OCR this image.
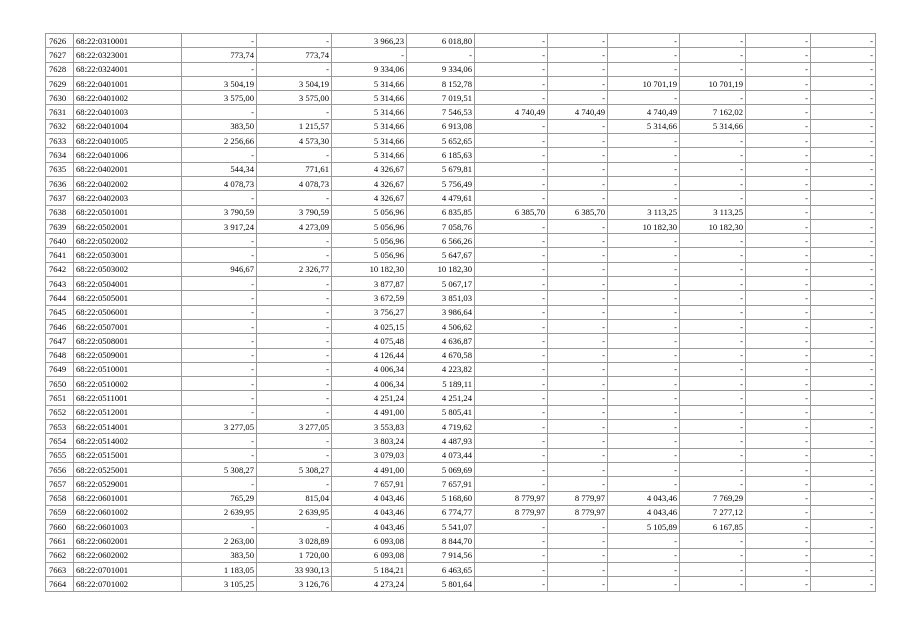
7626	68:22:0310001	-	-	3 966,23	6 018,80	-	-	-	-	-	-
7627	68:22:0323001	773,74	773,74	-	-	-	-	-	-	-	-
7628	68:22:0324001	-	-	9 334,06	9 334,06	-	-	-	-	-	-
7629	68:22:0401001	3 504,19	3 504,19	5 314,66	8 152,78	-	-	10 701,19	10 701,19	-	-
7630	68:22:0401002	3 575,00	3 575,00	5 314,66	7 019,51	-	-	-	-	-	-
7631	68:22:0401003	-	-	5 314,66	7 546,53	4 740,49	4 740,49	4 740,49	7 162,02	-	-
7632	68:22:0401004	383,50	1 215,57	5 314,66	6 913,08	-	-	5 314,66	5 314,66	-	-
7633	68:22:0401005	2 256,66	4 573,30	5 314,66	5 652,65	-	-	-	-	-	-
7634	68:22:0401006	-	-	5 314,66	6 185,63	-	-	-	-	-	-
7635	68:22:0402001	544,34	771,61	4 326,67	5 679,81	-	-	-	-	-	-
7636	68:22:0402002	4 078,73	4 078,73	4 326,67	5 756,49	-	-	-	-	-	-
7637	68:22:0402003	-	-	4 326,67	4 479,61	-	-	-	-	-	-
7638	68:22:0501001	3 790,59	3 790,59	5 056,96	6 835,85	6 385,70	6 385,70	3 113,25	3 113,25	-	-
7639	68:22:0502001	3 917,24	4 273,09	5 056,96	7 058,76	-	-	10 182,30	10 182,30	-	-
7640	68:22:0502002	-	-	5 056,96	6 566,26	-	-	-	-	-	-
7641	68:22:0503001	-	-	5 056,96	5 647,67	-	-	-	-	-	-
7642	68:22:0503002	946,67	2 326,77	10 182,30	10 182,30	-	-	-	-	-	-
7643	68:22:0504001	-	-	3 877,87	5 067,17	-	-	-	-	-	-
7644	68:22:0505001	-	-	3 672,59	3 851,03	-	-	-	-	-	-
7645	68:22:0506001	-	-	3 756,27	3 986,64	-	-	-	-	-	-
7646	68:22:0507001	-	-	4 025,15	4 506,62	-	-	-	-	-	-
7647	68:22:0508001	-	-	4 075,48	4 636,87	-	-	-	-	-	-
7648	68:22:0509001	-	-	4 126,44	4 670,58	-	-	-	-	-	-
7649	68:22:0510001	-	-	4 006,34	4 223,82	-	-	-	-	-	-
7650	68:22:0510002	-	-	4 006,34	5 189,11	-	-	-	-	-	-
7651	68:22:0511001	-	-	4 251,24	4 251,24	-	-	-	-	-	-
7652	68:22:0512001	-	-	4 491,00	5 805,41	-	-	-	-	-	-
7653	68:22:0514001	3 277,05	3 277,05	3 553,83	4 719,62	-	-	-	-	-	-
7654	68:22:0514002	-	-	3 803,24	4 487,93	-	-	-	-	-	-
7655	68:22:0515001	-	-	3 079,03	4 073,44	-	-	-	-	-	-
7656	68:22:0525001	5 308,27	5 308,27	4 491,00	5 069,69	-	-	-	-	-	-
7657	68:22:0529001	-	-	7 657,91	7 657,91	-	-	-	-	-	-
7658	68:22:0601001	765,29	815,04	4 043,46	5 168,60	8 779,97	8 779,97	4 043,46	7 769,29	-	-
7659	68:22:0601002	2 639,95	2 639,95	4 043,46	6 774,77	8 779,97	8 779,97	4 043,46	7 277,12	-	-
7660	68:22:0601003	-	-	4 043,46	5 541,07	-	-	5 105,89	6 167,85	-	-
7661	68:22:0602001	2 263,00	3 028,89	6 093,08	8 844,70	-	-	-	-	-	-
7662	68:22:0602002	383,50	1 720,00	6 093,08	7 914,56	-	-	-	-	-	-
7663	68:22:0701001	1 183,05	33 930,13	5 184,21	6 463,65	-	-	-	-	-	-
7664	68:22:0701002	3 105,25	3 126,76	4 273,24	5 801,64	-	-	-	-	-	-
